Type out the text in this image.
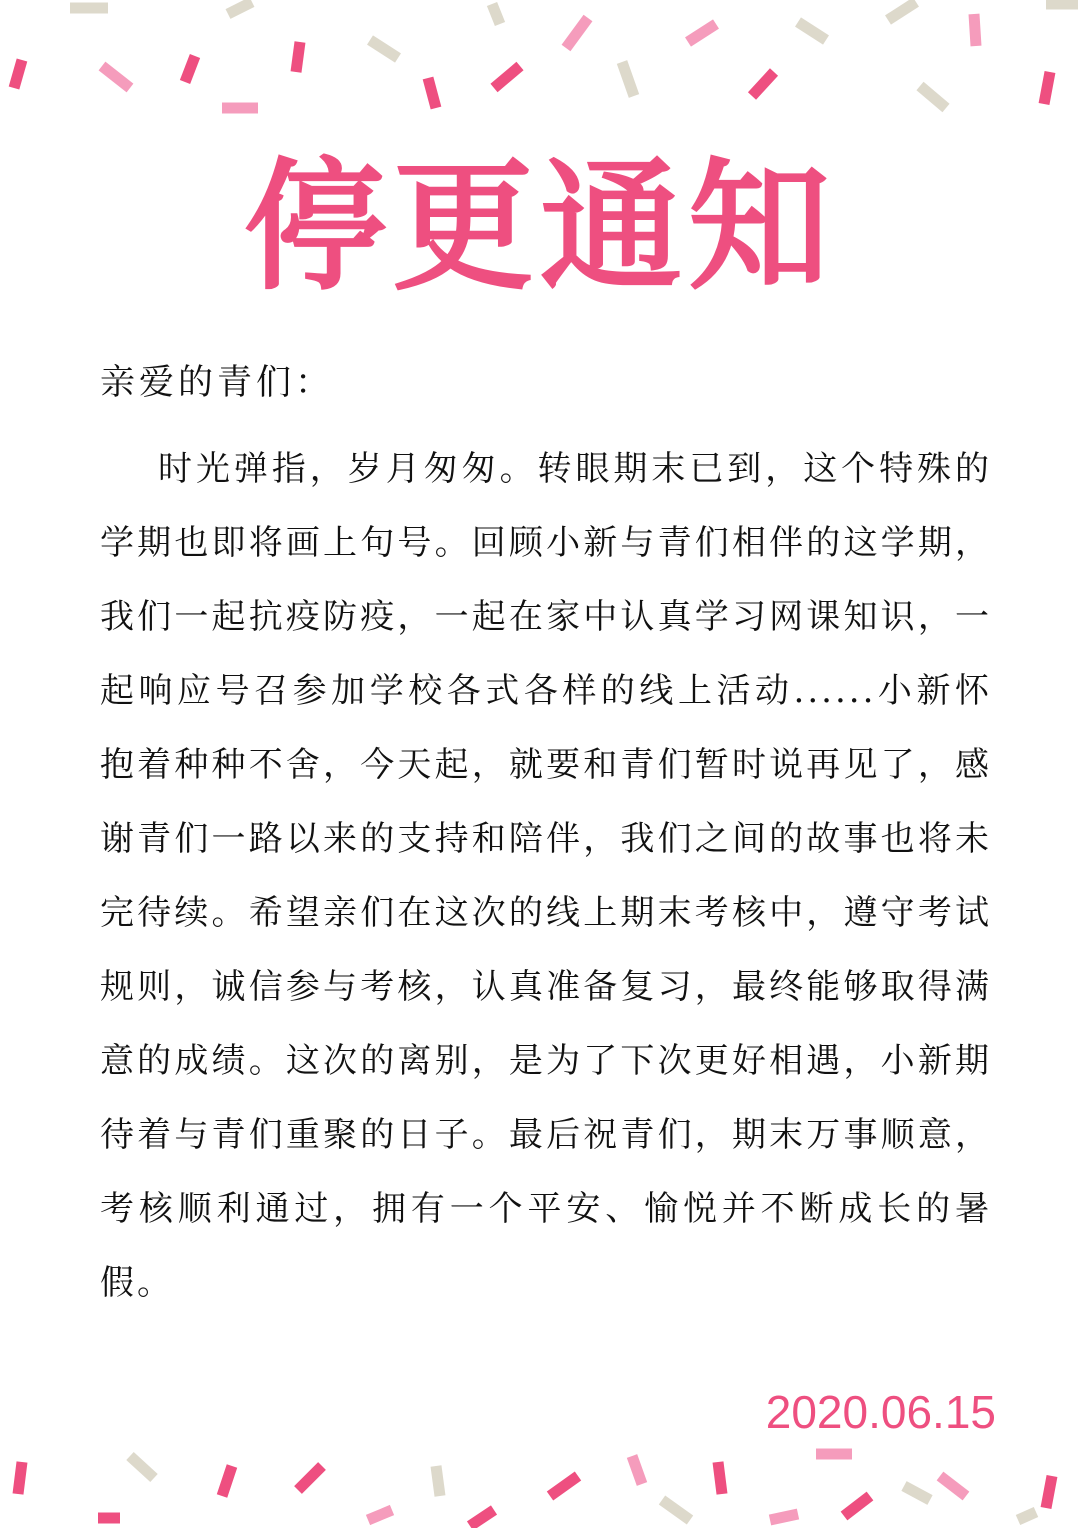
停更通知
亲爱的青们：

时光弹指，岁月匆匆。转眼期末已到，这个特殊的学期也即将画上句号。回顾小新与青们相伴的这学期，我们一起抗疫防疫，一起在家中认真学习网课知识，一起响应号召参加学校各式各样的线上活动......小新怀抱着种种不舍，今天起，就要和青们暂时说再见了，感谢青们一路以来的支持和陪伴，我们之间的故事也将未完待续。希望亲们在这次的线上期末考核中，遵守考试规则，诚信参与考核，认真准备复习，最终能够取得满意的成绩。这次的离别，是为了下次更好相遇，小新期待着与青们重聚的日子。最后祝青们，期末万事顺意，考核顺利通过，拥有一个平安、愉悦并不断成长的暑假。

2020.06.15
